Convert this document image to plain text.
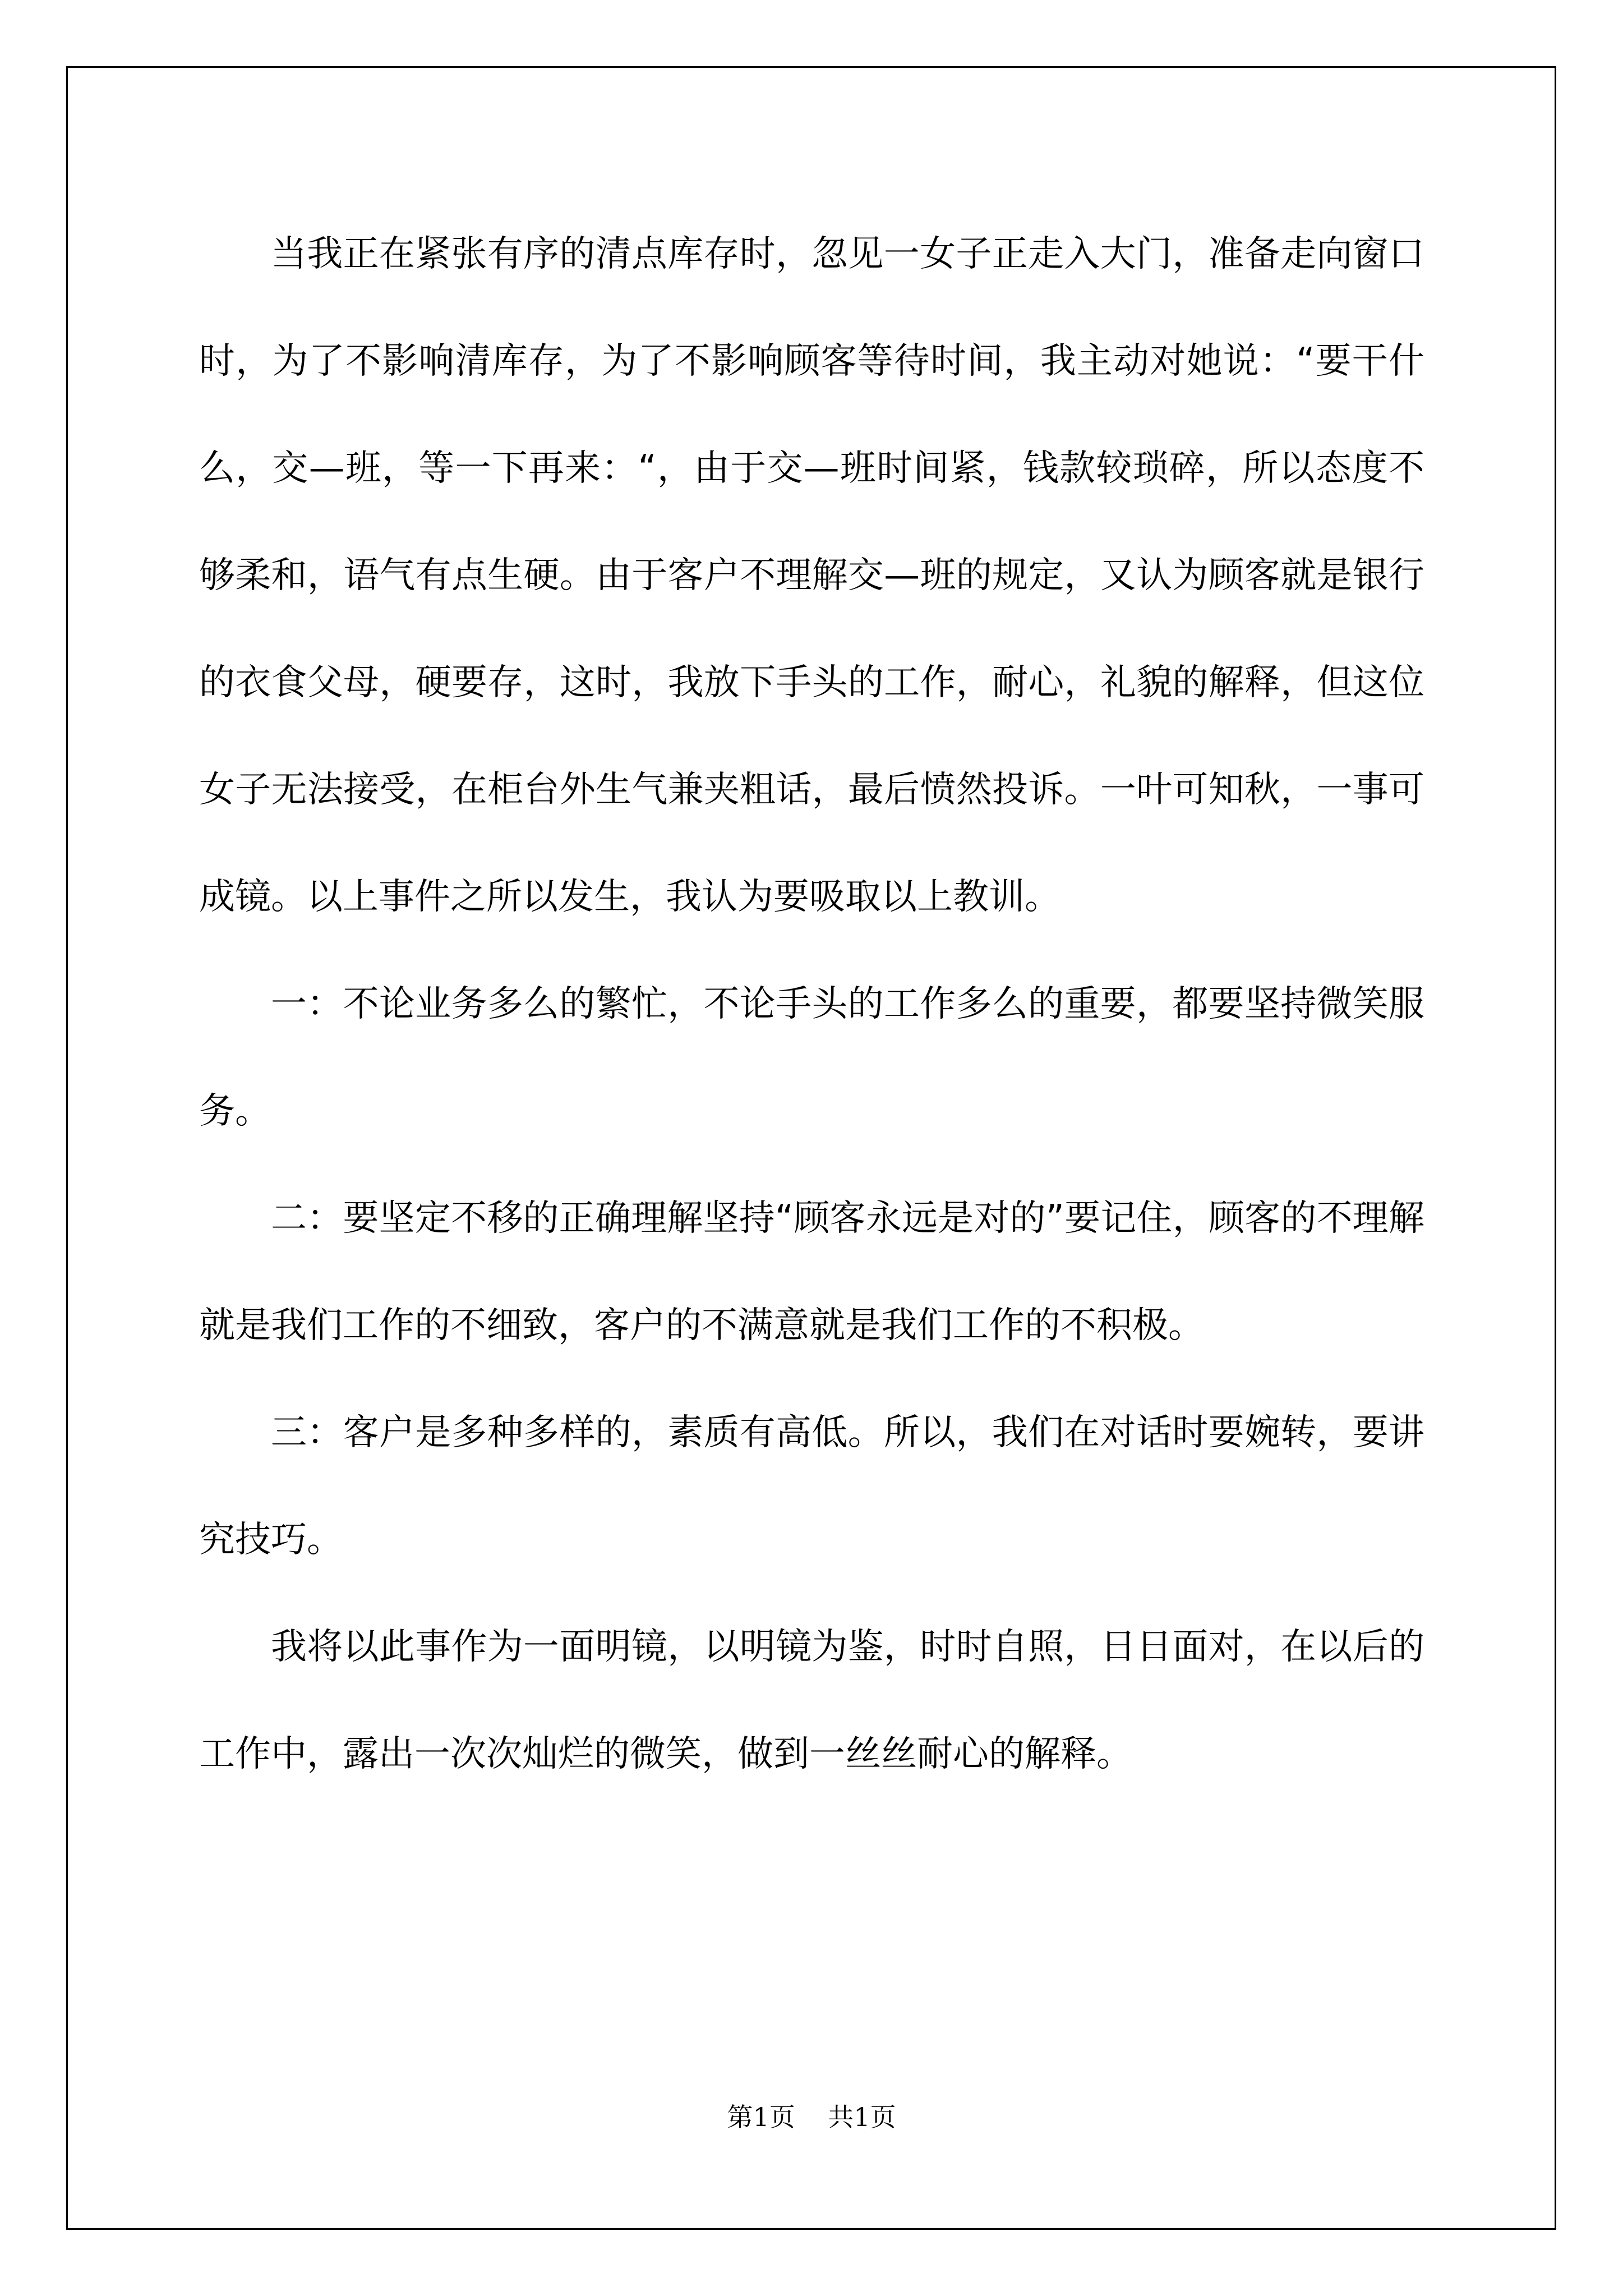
当我正在紧张有序的清点库存时，忽见一女子正走入大门，准备走向窗口时，为了不影响清库存，为了不影响顾客等待时间，我主动对她说：“要干什么，交—班，等一下再来：“，由于交—班时间紧，钱款较琐碎，所以态度不够柔和，语气有点生硬。由于客户不理解交—班的规定，又认为顾客就是银行的衣食父母，硬要存，这时，我放下手头的工作，耐心，礼貌的解释，但这位女子无法接受，在柜台外生气兼夹粗话，最后愤然投诉。一叶可知秋，一事可成镜。以上事件之所以发生，我认为要吸取以上教训。

一：不论业务多么的繁忙，不论手头的工作多么的重要，都要坚持微笑服务。

二：要坚定不移的正确理解坚持“顾客永远是对的”要记住，顾客的不理解就是我们工作的不细致，客户的不满意就是我们工作的不积极。

三：客户是多种多样的，素质有高低。所以，我们在对话时要婉转，要讲究技巧。

我将以此事作为一面明镜，以明镜为鉴，时时自照，日日面对，在以后的工作中，露出一次次灿烂的微笑，做到一丝丝耐心的解释。

第1页 共1页
